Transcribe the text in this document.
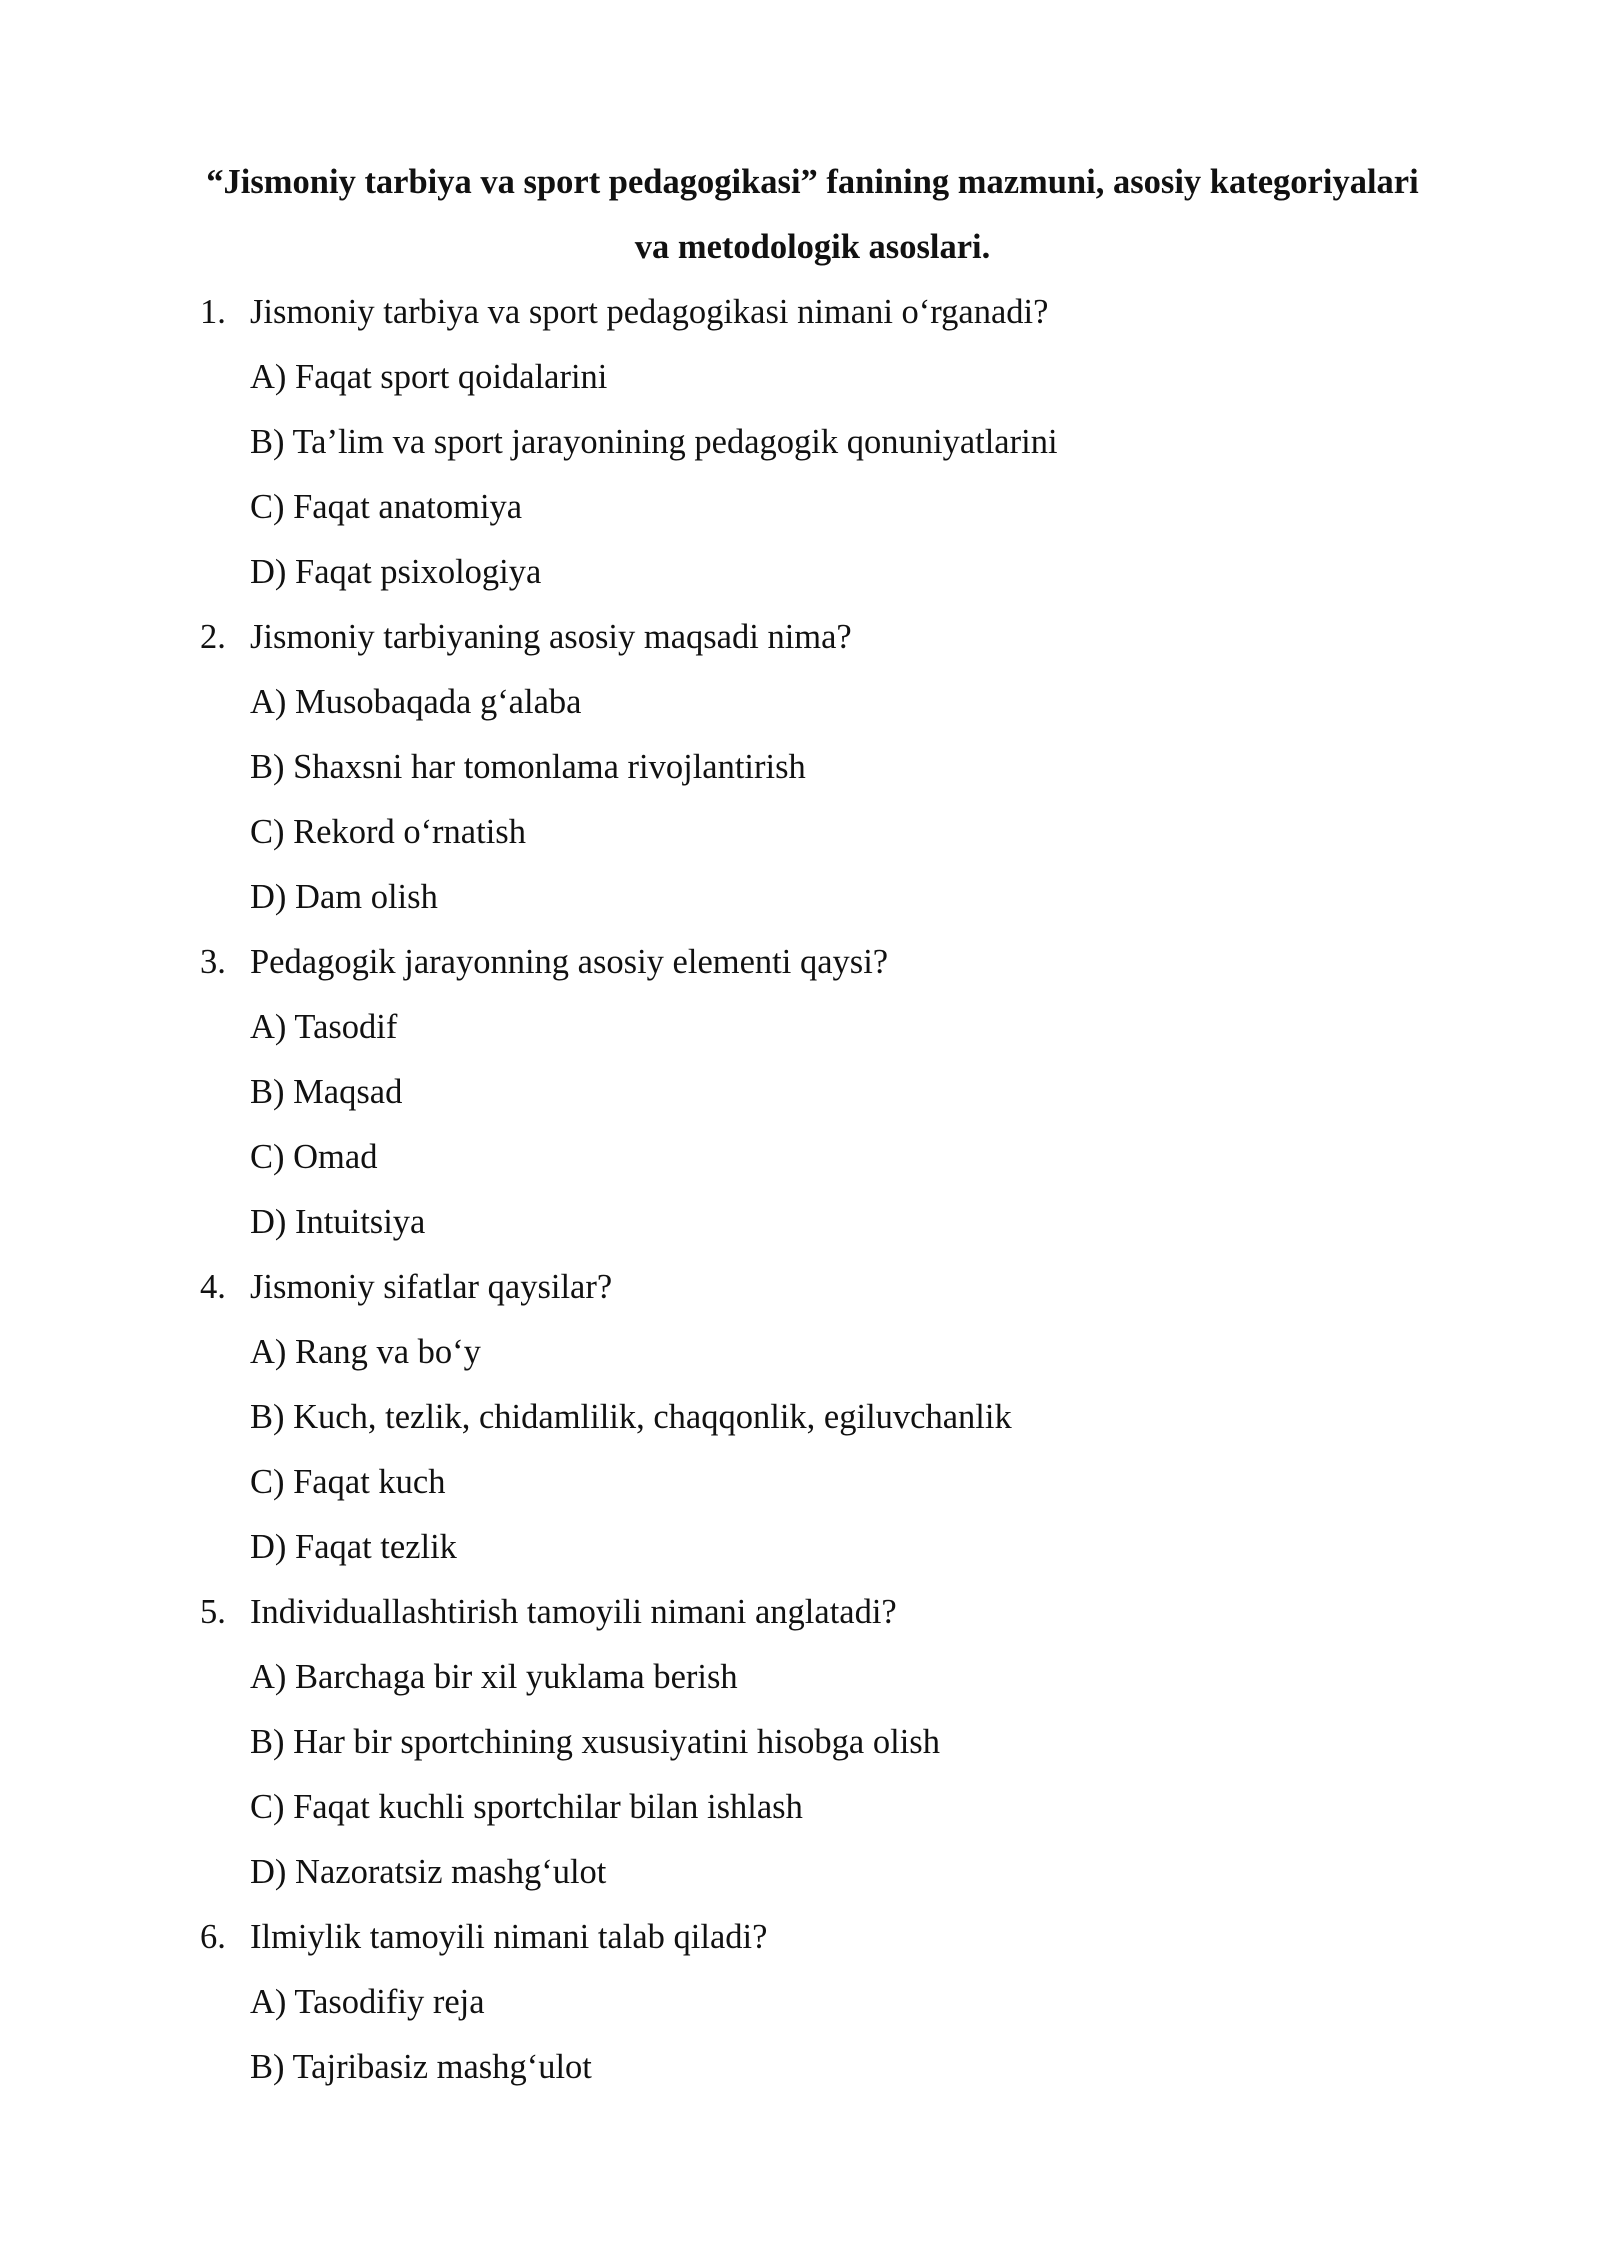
“Jismoniy tarbiya va sport pedagogikasi” fanining mazmuni, asosiy kategoriyalari
va metodologik asoslari.
1. Jismoniy tarbiya va sport pedagogikasi nimani o‘rganadi?
A) Faqat sport qoidalarini
B) Ta’lim va sport jarayonining pedagogik qonuniyatlarini
C) Faqat anatomiya
D) Faqat psixologiya
2. Jismoniy tarbiyaning asosiy maqsadi nima?
A) Musobaqada g‘alaba
B) Shaxsni har tomonlama rivojlantirish
C) Rekord o‘rnatish
D) Dam olish
3. Pedagogik jarayonning asosiy elementi qaysi?
A) Tasodif
B) Maqsad
C) Omad
D) Intuitsiya
4. Jismoniy sifatlar qaysilar?
A) Rang va bo‘y
B) Kuch, tezlik, chidamlilik, chaqqonlik, egiluvchanlik
C) Faqat kuch
D) Faqat tezlik
5. Individuallashtirish tamoyili nimani anglatadi?
A) Barchaga bir xil yuklama berish
B) Har bir sportchining xususiyatini hisobga olish
C) Faqat kuchli sportchilar bilan ishlash
D) Nazoratsiz mashg‘ulot
6. Ilmiylik tamoyili nimani talab qiladi?
A) Tasodifiy reja
B) Tajribasiz mashg‘ulot
